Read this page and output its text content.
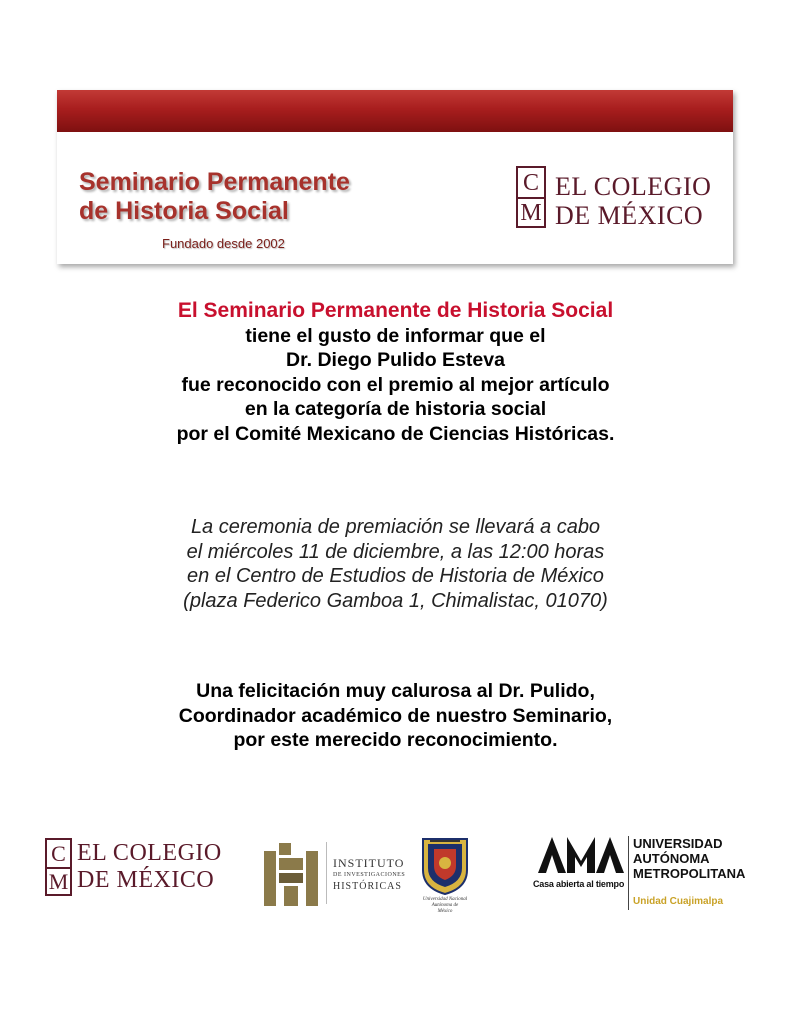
Seminario Permanente
de Historia Social
Fundado desde 2002
C
M
EL COLEGIO
DE MÉXICO
El Seminario Permanente de Historia Social
tiene el gusto de informar que el
Dr. Diego Pulido Esteva
fue reconocido con el premio al mejor artículo
en la categoría de historia social
por el Comité Mexicano de Ciencias Históricas.
La ceremonia de premiación se llevará a cabo
el miércoles 11 de diciembre, a las 12:00 horas
en el Centro de Estudios de Historia de México
(plaza Federico Gamboa 1, Chimalistac, 01070)
Una felicitación muy calurosa al Dr. Pulido,
Coordinador académico de nuestro Seminario,
por este merecido reconocimiento.
C
M
EL COLEGIO
DE MÉXICO
INSTITUTO
DE INVESTIGACIONES
HISTÓRICAS
Universidad Nacional
Autónoma de
México
Casa abierta al tiempo
UNIVERSIDAD
AUTÓNOMA
METROPOLITANA
Unidad Cuajimalpa
